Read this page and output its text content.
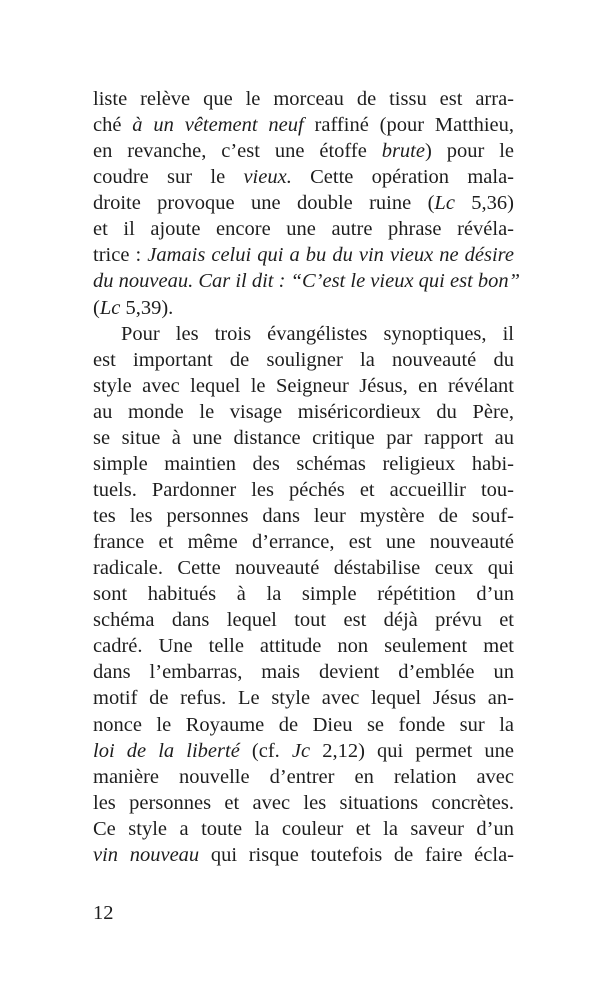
liste relève que le morceau de tissu est arra-
ché à un vêtement neuf raffiné (pour Matthieu,
en revanche, c’est une étoffe brute) pour le
coudre sur le vieux. Cette opération mala-
droite provoque une double ruine (Lc 5,36)
et il ajoute encore une autre phrase révéla-
trice : Jamais celui qui a bu du vin vieux ne désire
du nouveau. Car il dit : “C’est le vieux qui est bon”
(Lc 5,39).
Pour les trois évangélistes synoptiques, il
est important de souligner la nouveauté du
style avec lequel le Seigneur Jésus, en révélant
au monde le visage miséricordieux du Père,
se situe à une distance critique par rapport au
simple maintien des schémas religieux habi-
tuels. Pardonner les péchés et accueillir tou-
tes les personnes dans leur mystère de souf-
france et même d’errance, est une nouveauté
radicale. Cette nouveauté déstabilise ceux qui
sont habitués à la simple répétition d’un
schéma dans lequel tout est déjà prévu et
cadré. Une telle attitude non seulement met
dans l’embarras, mais devient d’emblée un
motif de refus. Le style avec lequel Jésus an-
nonce le Royaume de Dieu se fonde sur la
loi de la liberté (cf. Jc 2,12) qui permet une
manière nouvelle d’entrer en relation avec
les personnes et avec les situations concrètes.
Ce style a toute la couleur et la saveur d’un
vin nouveau qui risque toutefois de faire écla-
12
